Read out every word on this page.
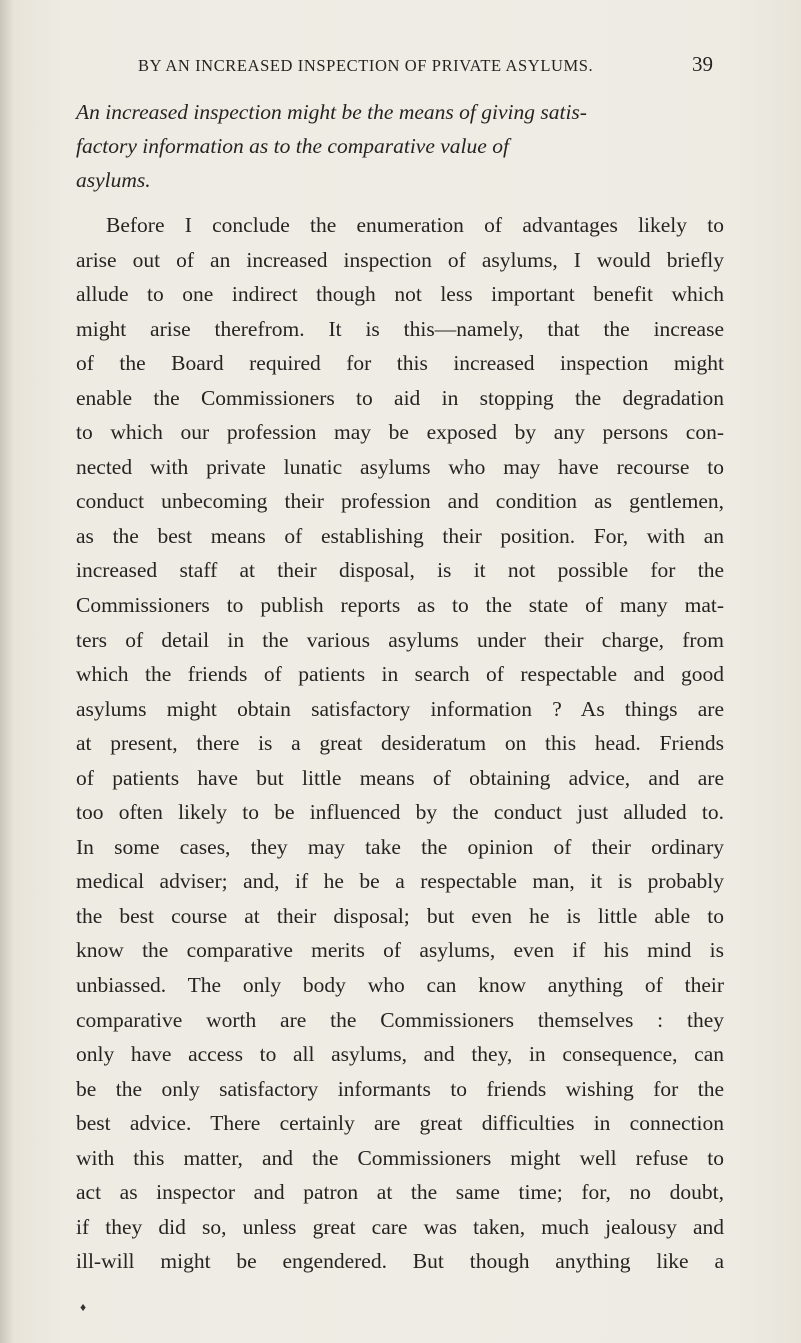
BY AN INCREASED INSPECTION OF PRIVATE ASYLUMS.	39
An increased inspection might be the means of giving satis-
factory information as to the comparative value of
asylums.
Before I conclude the enumeration of advantages likely to
arise out of an increased inspection of asylums, I would briefly
allude to one indirect though not less important benefit which
might arise therefrom. It is this—namely, that the increase
of the Board required for this increased inspection might
enable the Commissioners to aid in stopping the degradation
to which our profession may be exposed by any persons con-
nected with private lunatic asylums who may have recourse to
conduct unbecoming their profession and condition as gentlemen,
as the best means of establishing their position. For, with an
increased staff at their disposal, is it not possible for the
Commissioners to publish reports as to the state of many mat-
ters of detail in the various asylums under their charge, from
which the friends of patients in search of respectable and good
asylums might obtain satisfactory information ? As things are
at present, there is a great desideratum on this head. Friends
of patients have but little means of obtaining advice, and are
too often likely to be influenced by the conduct just alluded to.
In some cases, they may take the opinion of their ordinary
medical adviser; and, if he be a respectable man, it is probably
the best course at their disposal; but even he is little able to
know the comparative merits of asylums, even if his mind is
unbiassed. The only body who can know anything of their
comparative worth are the Commissioners themselves : they
only have access to all asylums, and they, in consequence, can
be the only satisfactory informants to friends wishing for the
best advice. There certainly are great difficulties in connection
with this matter, and the Commissioners might well refuse to
act as inspector and patron at the same time; for, no doubt,
if they did so, unless great care was taken, much jealousy and
ill-will might be engendered. But though anything like a
♦
